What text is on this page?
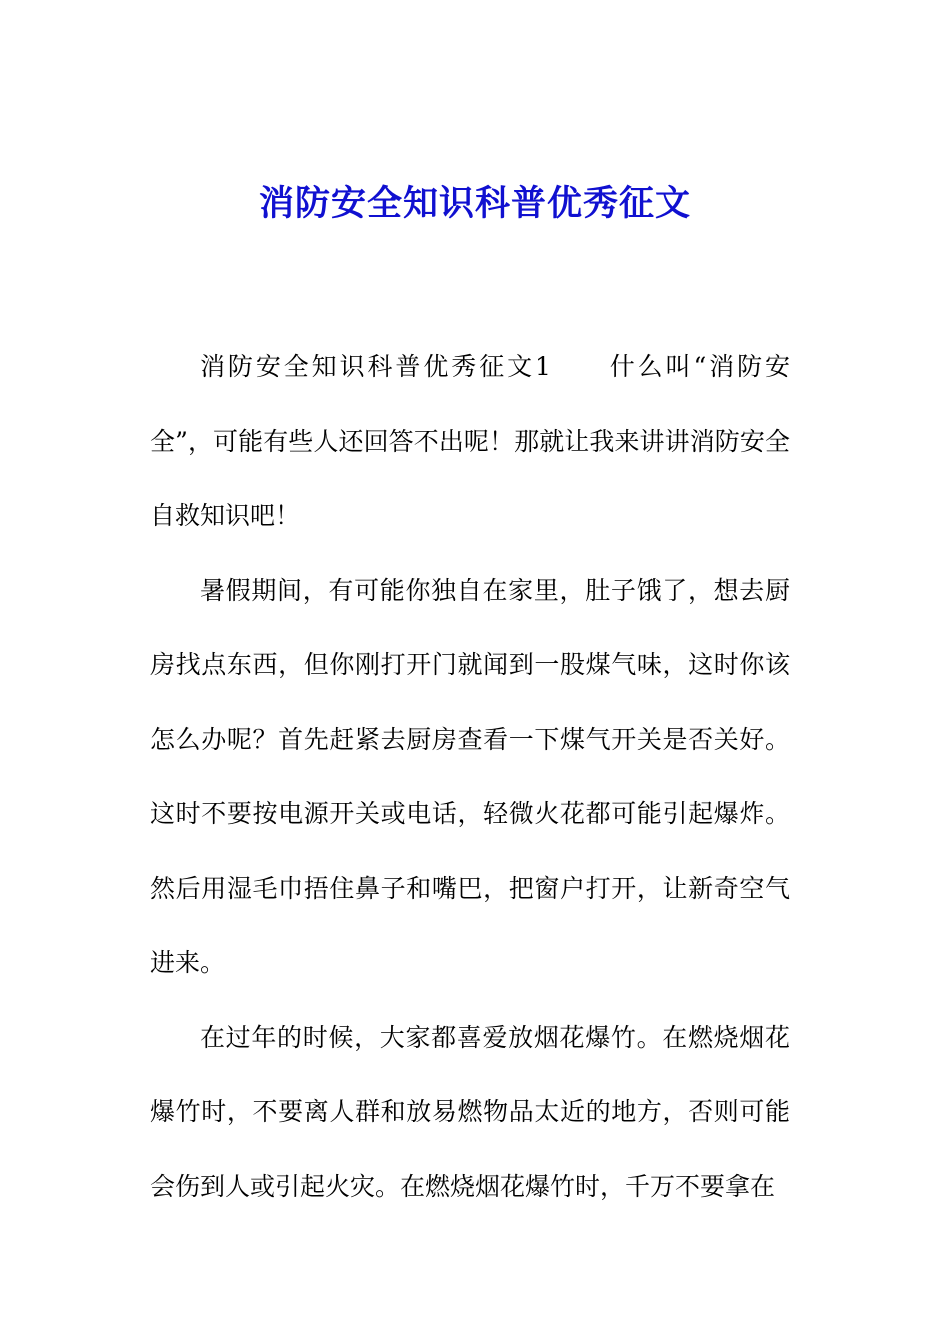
消防安全知识科普优秀征文

消防安全知识科普优秀征文1　　什么叫“消防安全”，可能有些人还回答不出呢！那就让我来讲讲消防安全自救知识吧！

暑假期间，有可能你独自在家里，肚子饿了，想去厨房找点东西，但你刚打开门就闻到一股煤气味，这时你该怎么办呢？首先赶紧去厨房查看一下煤气开关是否关好。这时不要按电源开关或电话，轻微火花都可能引起爆炸。然后用湿毛巾捂住鼻子和嘴巴，把窗户打开，让新奇空气进来。

在过年的时候，大家都喜爱放烟花爆竹。在燃烧烟花爆竹时，不要离人群和放易燃物品太近的地方，否则可能会伤到人或引起火灾。在燃烧烟花爆竹时，千万不要拿在
